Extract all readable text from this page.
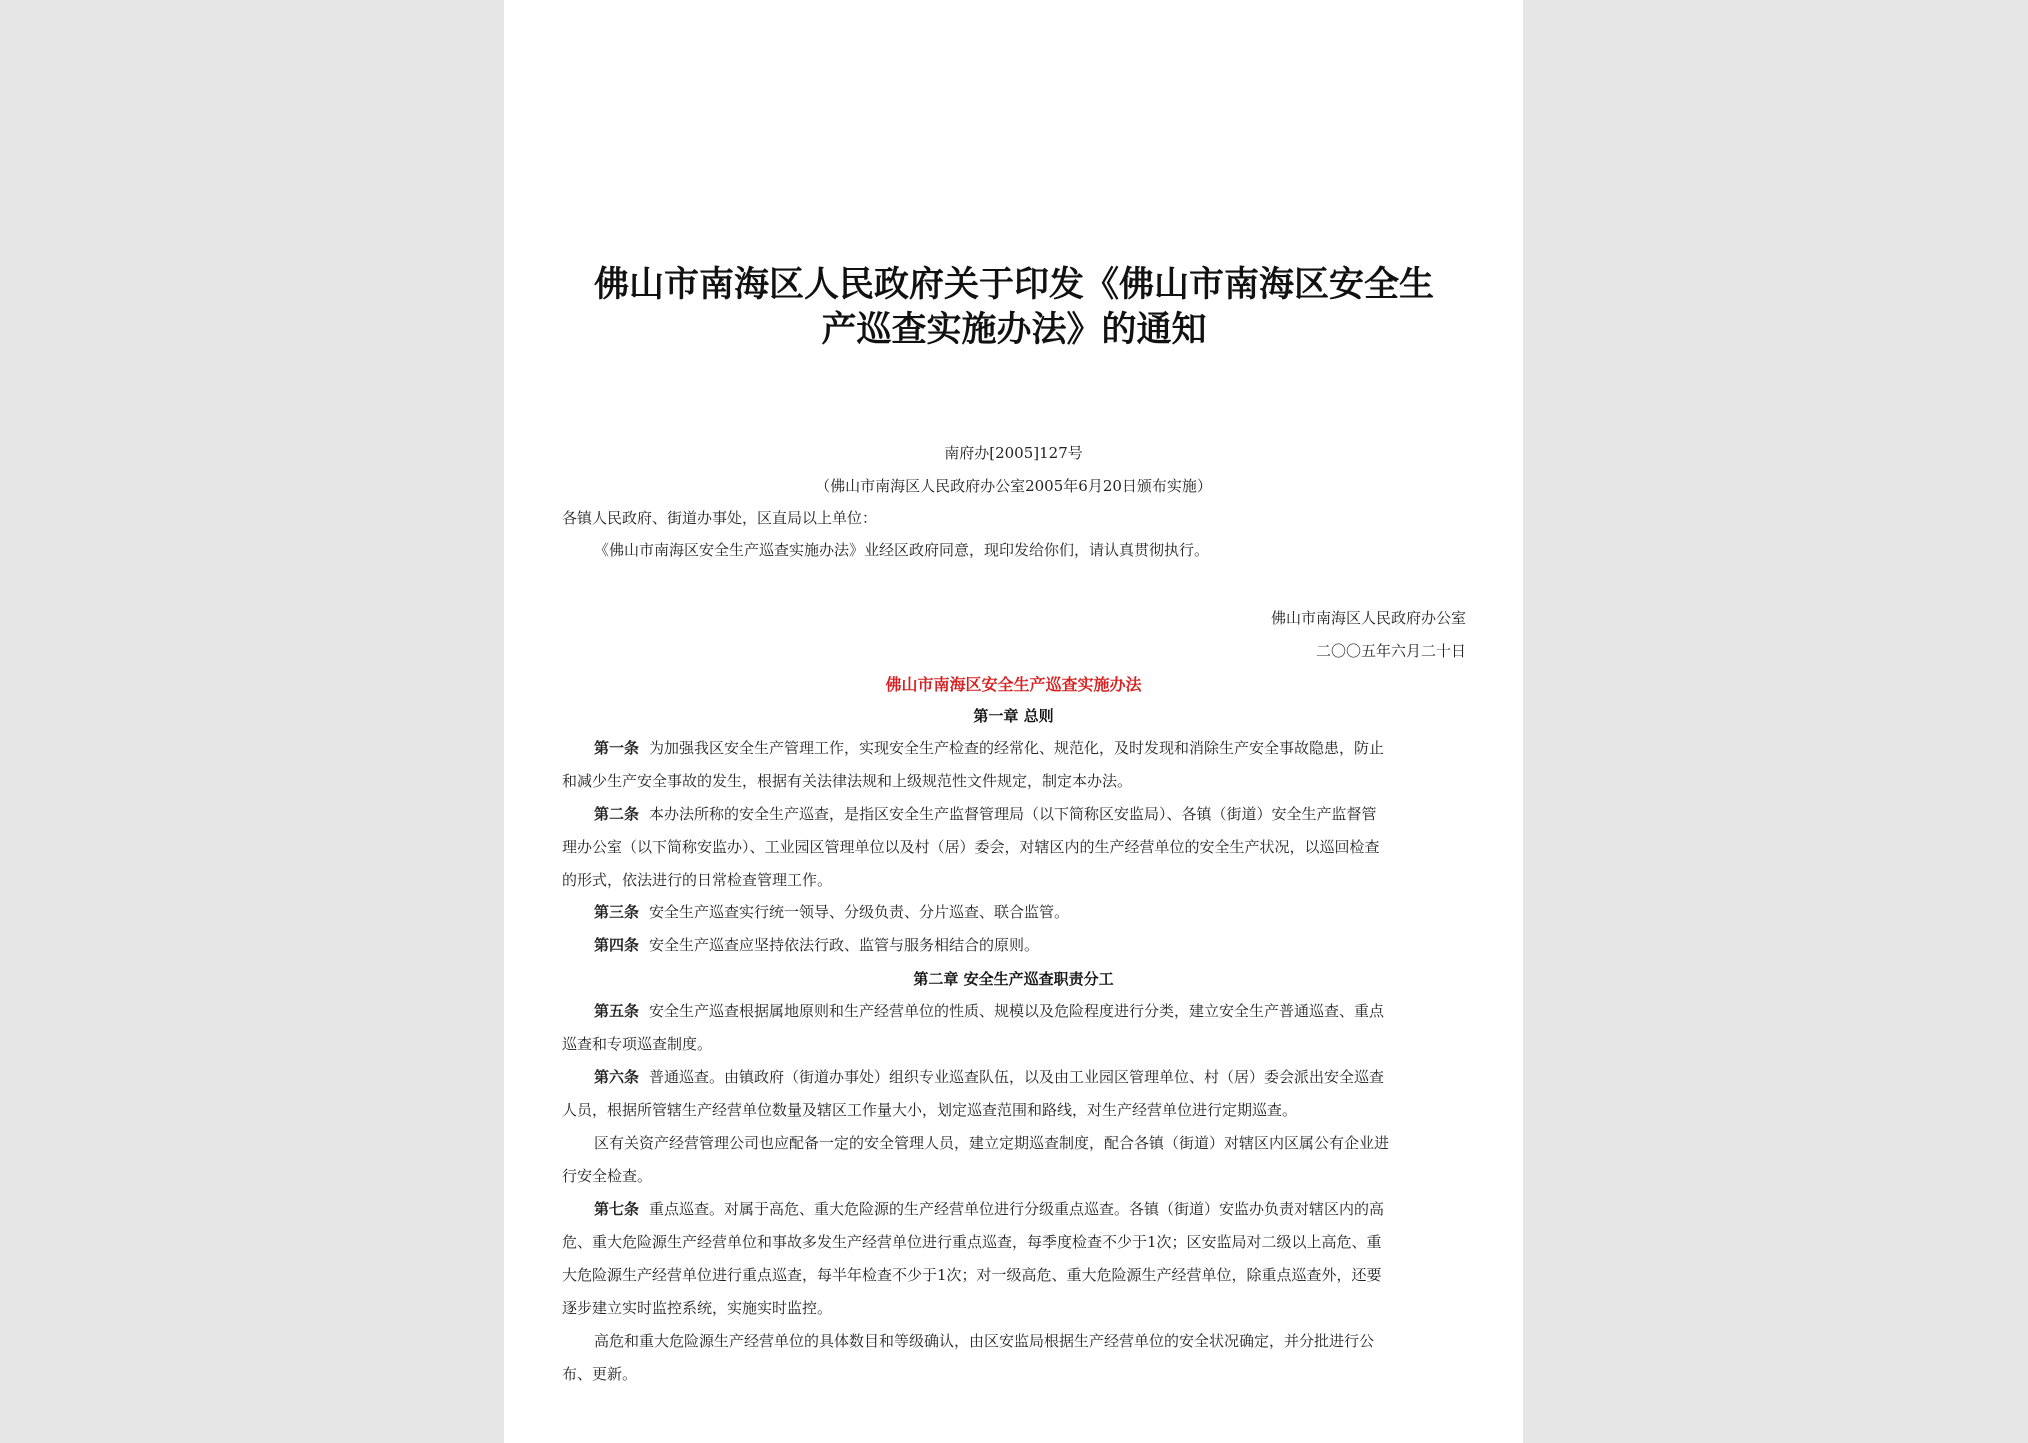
佛山市南海区人民政府关于印发《佛山市南海区安全生
产巡查实施办法》的通知
南府办[2005]127号
（佛山市南海区人民政府办公室2005年6月20日颁布实施）
各镇人民政府、街道办事处，区直局以上单位：
《佛山市南海区安全生产巡查实施办法》业经区政府同意，现印发给你们，请认真贯彻执行。
佛山市南海区人民政府办公室
二〇〇五年六月二十日
佛山市南海区安全生产巡查实施办法
第一章 总则
第一条 为加强我区安全生产管理工作，实现安全生产检查的经常化、规范化，及时发现和消除生产安全事故隐患，防止
和减少生产安全事故的发生，根据有关法律法规和上级规范性文件规定，制定本办法。
第二条 本办法所称的安全生产巡查，是指区安全生产监督管理局（以下简称区安监局）、各镇（街道）安全生产监督管
理办公室（以下简称安监办）、工业园区管理单位以及村（居）委会，对辖区内的生产经营单位的安全生产状况，以巡回检查
的形式，依法进行的日常检查管理工作。
第三条 安全生产巡查实行统一领导、分级负责、分片巡查、联合监管。
第四条 安全生产巡查应坚持依法行政、监管与服务相结合的原则。
第二章 安全生产巡查职责分工
第五条 安全生产巡查根据属地原则和生产经营单位的性质、规模以及危险程度进行分类，建立安全生产普通巡查、重点
巡查和专项巡查制度。
第六条 普通巡查。由镇政府（街道办事处）组织专业巡查队伍，以及由工业园区管理单位、村（居）委会派出安全巡查
人员，根据所管辖生产经营单位数量及辖区工作量大小，划定巡查范围和路线，对生产经营单位进行定期巡查。
区有关资产经营管理公司也应配备一定的安全管理人员，建立定期巡查制度，配合各镇（街道）对辖区内区属公有企业进
行安全检查。
第七条 重点巡查。对属于高危、重大危险源的生产经营单位进行分级重点巡查。各镇（街道）安监办负责对辖区内的高
危、重大危险源生产经营单位和事故多发生产经营单位进行重点巡查，每季度检查不少于1次；区安监局对二级以上高危、重
大危险源生产经营单位进行重点巡查，每半年检查不少于1次；对一级高危、重大危险源生产经营单位，除重点巡查外，还要
逐步建立实时监控系统，实施实时监控。
高危和重大危险源生产经营单位的具体数目和等级确认，由区安监局根据生产经营单位的安全状况确定，并分批进行公
布、更新。
